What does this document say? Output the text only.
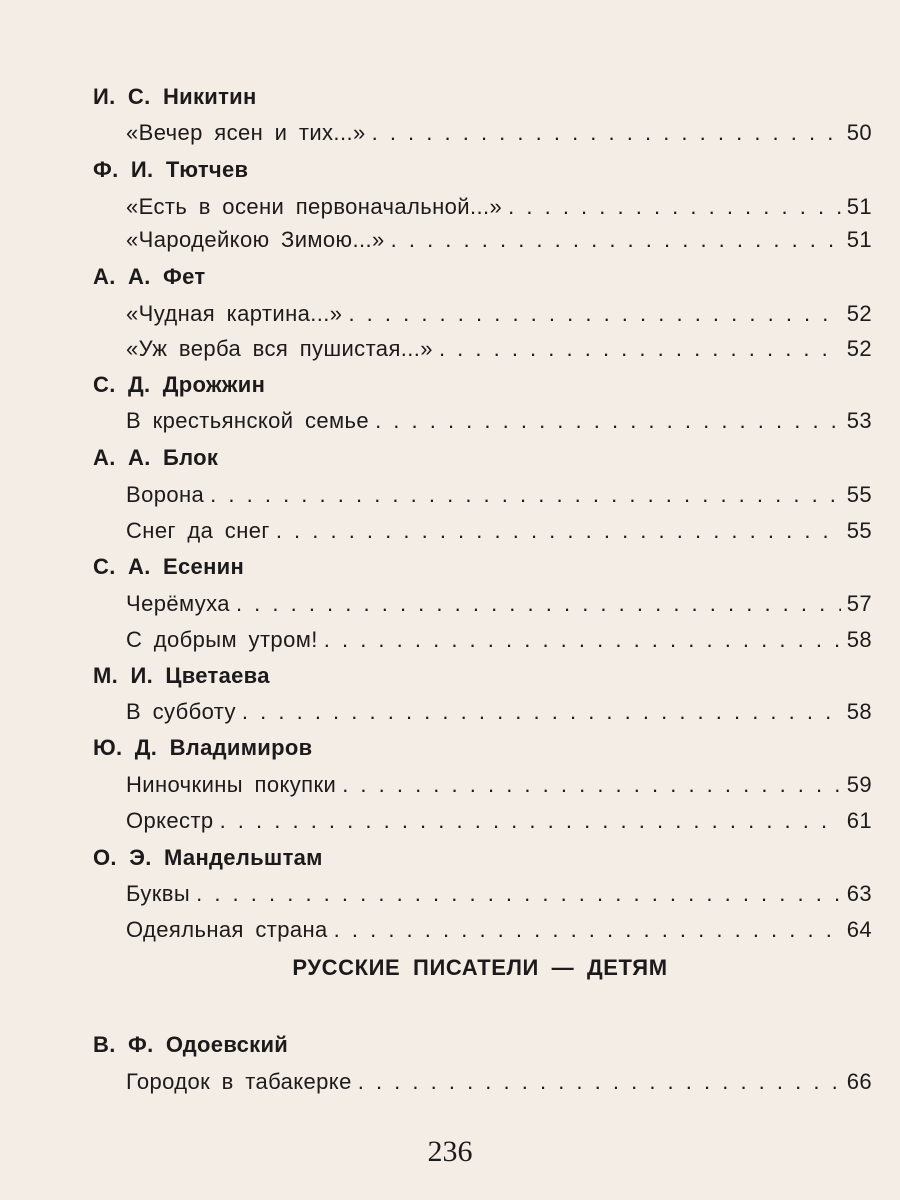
И. С. Никитин
«Вечер ясен и тих...» . . .	50
Ф. И. Тютчев
«Есть в осени первоначальной...» . . .	51
«Чародейкою Зимою...» . . .	51
А. А. Фет
«Чудная картина...» . . .	52
«Уж верба вся пушистая...» . . .	52
С. Д. Дрожжин
В крестьянской семье . . .	53
А. А. Блок
Ворона . . .	55
Снег да снег . . .	55
С. А. Есенин
Черёмуха . . .	57
С добрым утром! . . .	58
М. И. Цветаева
В субботу . . .	58
Ю. Д. Владимиров
Ниночкины покупки . . .	59
Оркестр . . .	61
О. Э. Мандельштам
Буквы . . .	63
Одеяльная страна . . .	64
РУССКИЕ ПИСАТЕЛИ — ДЕТЯМ
В. Ф. Одоевский
Городок в табакерке . . .	66
236
